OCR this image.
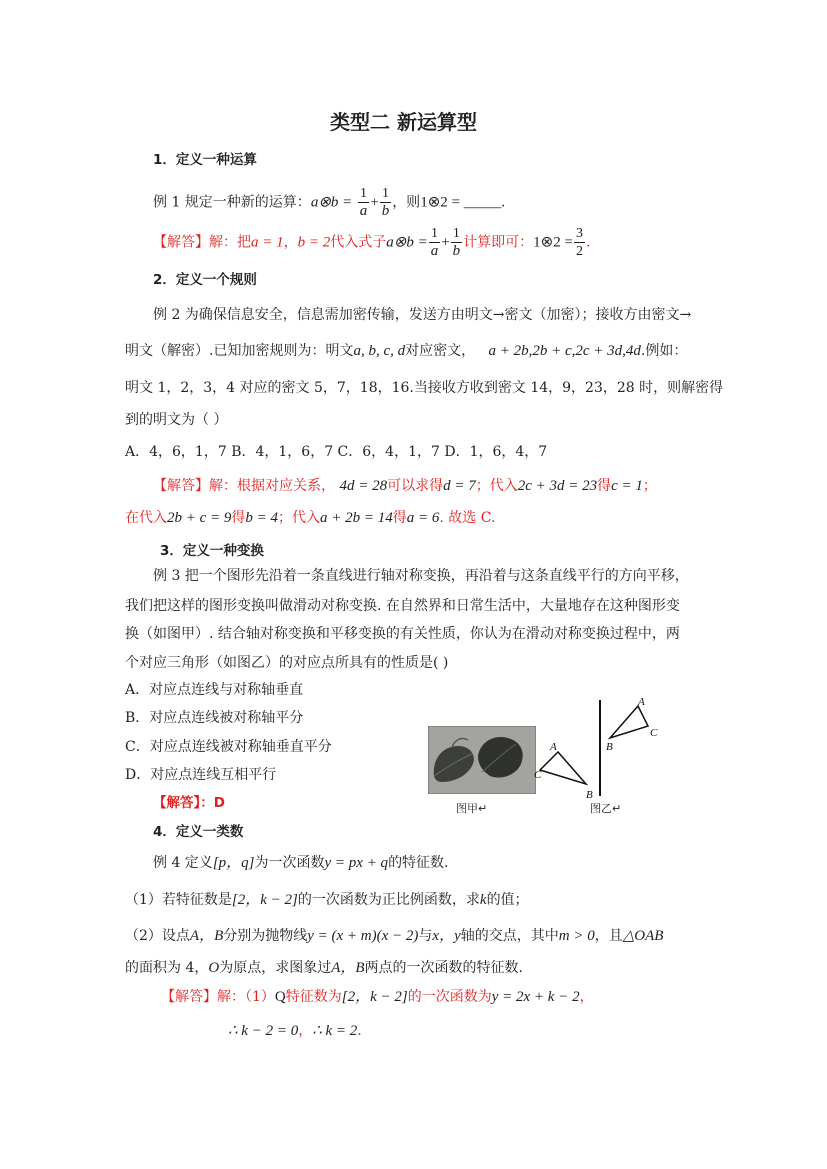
类型二 新运算型
1．定义一种运算
例 1 规定一种新的运算：a⊗b = $\frac{1}{a} + \frac{1}{b}$ ，则1⊗2 = _____.
【解答】解：把a = 1，b = 2代入式子a⊗b = $\frac{1}{a} + \frac{1}{b}$ 计算即可：1⊗2 = $\frac{3}{2}$ .
2．定义一个规则
例 2 为确保信息安全，信息需加密传输，发送方由明文→密文（加密）；接收方由密文→
明文（解密）.已知加密规则为：明文a, b, c, d对应密文， a + 2b,2b + c,2c + 3d,4d.例如：
明文 1，2，3，4 对应的密文 5，7，18，16.当接收方收到密文 14，9，23，28 时，则解密得
到的明文为（ ）
A．4，6，1，7 B．4，1，6，7 C．6，4，1，7 D．1，6，4，7
【解答】解：根据对应关系， 4d = 28可以求得d = 7；代入2c + 3d = 23得c = 1；
在代入2b + c = 9得b = 4；代入a + 2b = 14得a = 6. 故选 C.
3．定义一种变换
例 3 把一个图形先沿着一条直线进行轴对称变换，再沿着与这条直线平行的方向平移，
我们把这样的图形变换叫做滑动对称变换. 在自然界和日常生活中，大量地存在这种图形变
换（如图甲）. 结合轴对称变换和平移变换的有关性质，你认为在滑动对称变换过程中，两
个对应三角形（如图乙）的对应点所具有的性质是( )
A．对应点连线与对称轴垂直
B．对应点连线被对称轴平分
C．对应点连线被对称轴垂直平分
D．对应点连线互相平行
【解答】：D	图甲↵
A
C
B
A
B
C
图乙↵
4．定义一类数
例 4 定义[p，q]为一次函数y = px + q的特征数.
（1）若特征数是[2，k − 2]的一次函数为正比例函数，求k的值；
（2）设点A，B分别为抛物线y = (x + m)(x − 2)与x，y轴的交点，其中m > 0，且△OAB
的面积为 4，O为原点，求图象过A，B两点的一次函数的特征数.
【解答】解：（1）Q特征数为[2，k − 2]的一次函数为y = 2x + k − 2，
∴ k − 2 = 0，∴ k = 2.
